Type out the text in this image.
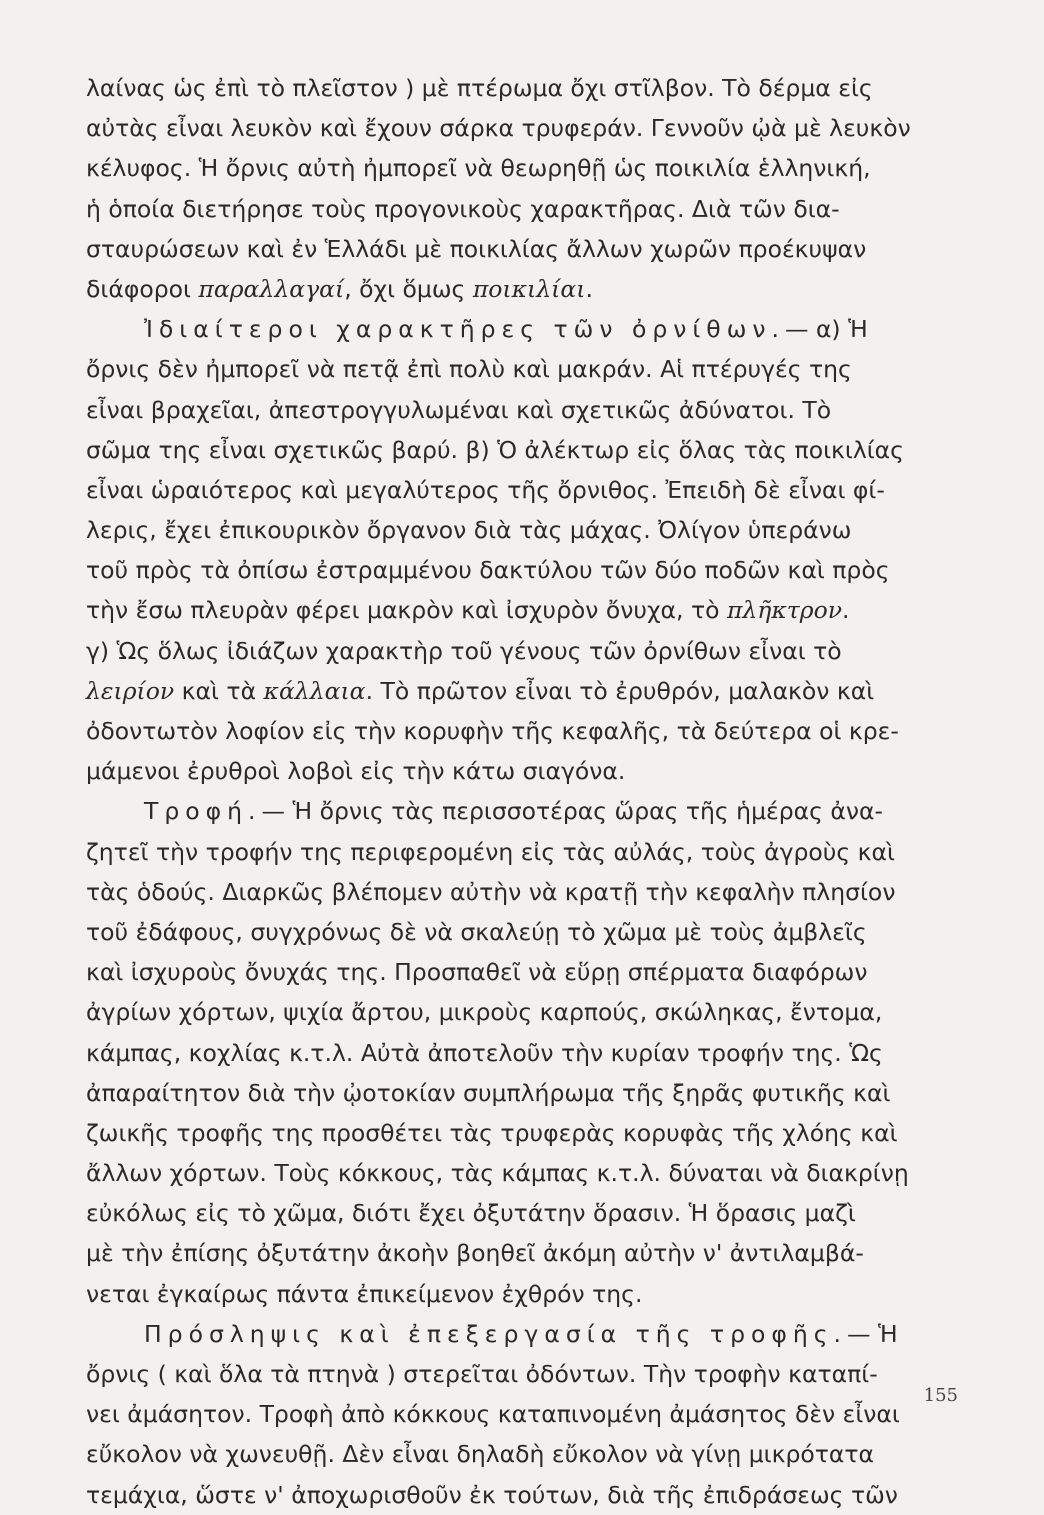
λαίνας ὡς ἐπὶ τὸ πλεῖστον ) μὲ πτέρωμα ὄχι στῖλβον. Τὸ δέρμα εἰς
αὐτὰς εἶναι λευκὸν καὶ ἔχουν σάρκα τρυφεράν. Γεννοῦν ᾠὰ μὲ λευκὸν
κέλυφος. Ἡ ὄρνις αὐτὴ ἠμπορεῖ νὰ θεωρηθῇ ὡς ποικιλία ἑλληνική,
ἡ ὁποία διετήρησε τοὺς προγονικοὺς χαρακτῆρας. Διὰ τῶν δια-
σταυρώσεων καὶ ἐν Ἑλλάδι μὲ ποικιλίας ἄλλων χωρῶν προέκυψαν
διάφοροι παραλλαγαί, ὄχι ὅμως ποικιλίαι.
Ἰδιαίτεροι χαρακτῆρες τῶν ὀρνίθων.— α) Ἡ
ὄρνις δὲν ἠμπορεῖ νὰ πετᾷ ἐπὶ πολὺ καὶ μακράν. Αἱ πτέρυγές της
εἶναι βραχεῖαι, ἀπεστρογγυλωμέναι καὶ σχετικῶς ἀδύνατοι. Τὸ
σῶμα της εἶναι σχετικῶς βαρύ. β) Ὁ ἀλέκτωρ εἰς ὅλας τὰς ποικιλίας
εἶναι ὡραιότερος καὶ μεγαλύτερος τῆς ὄρνιθος. Ἐπειδὴ δὲ εἶναι φί-
λερις, ἔχει ἐπικουρικὸν ὄργανον διὰ τὰς μάχας. Ὀλίγον ὑπεράνω
τοῦ πρὸς τὰ ὀπίσω ἐστραμμένου δακτύλου τῶν δύο ποδῶν καὶ πρὸς
τὴν ἔσω πλευρὰν φέρει μακρὸν καὶ ἰσχυρὸν ὄνυχα, τὸ πλῆκτρον.
γ) Ὡς ὅλως ἰδιάζων χαρακτὴρ τοῦ γένους τῶν ὀρνίθων εἶναι τὸ
λειρίον καὶ τὰ κάλλαια. Τὸ πρῶτον εἶναι τὸ ἐρυθρόν, μαλακὸν καὶ
ὀδοντωτὸν λοφίον εἰς τὴν κορυφὴν τῆς κεφαλῆς, τὰ δεύτερα οἱ κρε-
μάμενοι ἐρυθροὶ λοβοὶ εἰς τὴν κάτω σιαγόνα.
Τροφή.— Ἡ ὄρνις τὰς περισσοτέρας ὥρας τῆς ἡμέρας ἀνα-
ζητεῖ τὴν τροφήν της περιφερομένη εἰς τὰς αὐλάς, τοὺς ἀγροὺς καὶ
τὰς ὁδούς. Διαρκῶς βλέπομεν αὐτὴν νὰ κρατῇ τὴν κεφαλὴν πλησίον
τοῦ ἐδάφους, συγχρόνως δὲ νὰ σκαλεύῃ τὸ χῶμα μὲ τοὺς ἀμβλεῖς
καὶ ἰσχυροὺς ὄνυχάς της. Προσπαθεῖ νὰ εὕρῃ σπέρματα διαφόρων
ἀγρίων χόρτων, ψιχία ἄρτου, μικροὺς καρπούς, σκώληκας, ἔντομα,
κάμπας, κοχλίας κ.τ.λ. Αὐτὰ ἀποτελοῦν τὴν κυρίαν τροφήν της. Ὡς
ἀπαραίτητον διὰ τὴν ᾠοτοκίαν συμπλήρωμα τῆς ξηρᾶς φυτικῆς καὶ
ζωικῆς τροφῆς της προσθέτει τὰς τρυφερὰς κορυφὰς τῆς χλόης καὶ
ἄλλων χόρτων. Τοὺς κόκκους, τὰς κάμπας κ.τ.λ. δύναται νὰ διακρίνῃ
εὐκόλως εἰς τὸ χῶμα, διότι ἔχει ὀξυτάτην ὅρασιν. Ἡ ὅρασις μαζὶ
μὲ τὴν ἐπίσης ὀξυτάτην ἀκοὴν βοηθεῖ ἀκόμη αὐτὴν ν' ἀντιλαμβά-
νεται ἐγκαίρως πάντα ἐπικείμενον ἐχθρόν της.
Πρόσληψις καὶ ἐπεξεργασία τῆς τροφῆς.— Ἡ
ὄρνις ( καὶ ὅλα τὰ πτηνὰ ) στερεῖται ὀδόντων. Τὴν τροφὴν καταπί-
νει ἀμάσητον. Τροφὴ ἀπὸ κόκκους καταπινομένη ἀμάσητος δὲν εἶναι
εὔκολον νὰ χωνευθῇ. Δὲν εἶναι δηλαδὴ εὔκολον νὰ γίνῃ μικρότατα
τεμάχια, ὥστε ν' ἀποχωρισθοῦν ἐκ τούτων, διὰ τῆς ἐπιδράσεως τῶν
155
